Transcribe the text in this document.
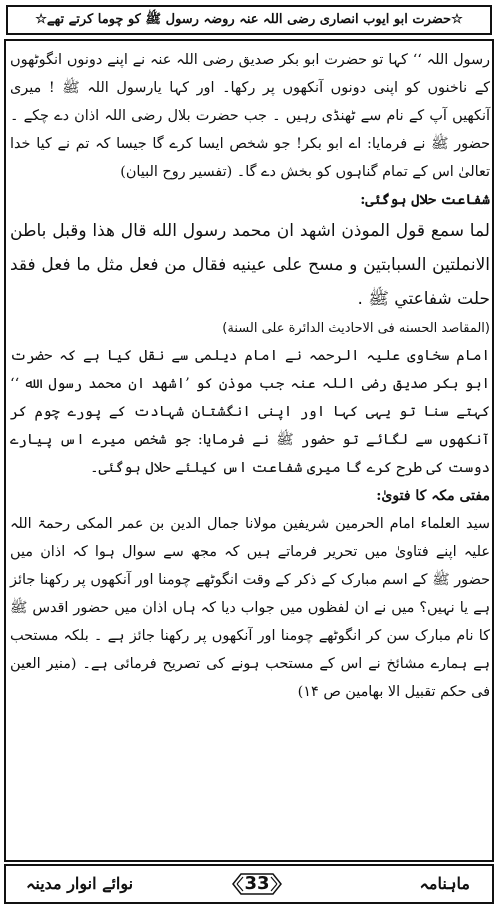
☆حضرت ابو ایوب انصاری رضی اللہ عنہ روضہ رسول ﷺ کو چوما کرتے تھے☆

رسول اللہ ‘‘ کہا تو حضرت ابو بکر صدیق رضی اللہ عنہ نے اپنے دونوں انگوٹھوں کے ناخنوں کو اپنی دونوں آنکھوں پر رکھا۔ اور کہا یارسول اللہ ﷺ ! میری آنکھیں آپ کے نام سے ٹھنڈی رہیں ۔ جب حضرت بلال رضی اللہ اذان دے چکے ۔ حضور ﷺ نے فرمایا: اے ابو بکر! جو شخص ایسا کرے گا جیسا کہ تم نے کیا خدا تعالیٰ اس کے تمام گناہوں کو بخش دے گا۔ (تفسیر روح البیان)

شفاعت حلال ہوگئی:

لما سمع قول الموذن اشهد ان محمد رسول الله قال هذا وقبل باطن الانملتين السبابتين و مسح على عينيه فقال من فعل مثل ما فعل فقد حلت شفاعتي ﷺ .

(المقاصد الحسنه فی الاحادیث الدائرة علی السنة)

امام سخاوی علیہ الرحمہ نے امام دیلمی سے نقل کیا ہے کہ حضرت ابو بکر صدیق رضی اللہ عنہ جب موذن کو ’اشهد ان محمد رسول الله ‘‘ کہتے سنا تو یہی کہا اور اپنی انگشتان شہادت کے پورے چوم کر آنکھوں سے لگائے تو حضور ﷺ نے فرمایا: جو شخص میرے اس پیارے دوست کی طرح کرے گا میری شفاعت اس کیلئے حلال ہوگئی۔

مفتی مکہ کا فتویٰ:

سید العلماء امام الحرمین شریفین مولانا جمال الدین بن عمر المکی رحمۃ اللہ علیہ اپنے فتاویٰ میں تحریر فرماتے ہیں کہ مجھ سے سوال ہوا کہ اذان میں حضور ﷺ کے اسم مبارک کے ذکر کے وقت انگوٹھے چومنا اور آنکھوں پر رکھنا جائز ہے یا نہیں؟ میں نے ان لفظوں میں جواب دیا کہ ہاں اذان میں حضور اقدس ﷺ کا نام مبارک سن کر انگوٹھے چومنا اور آنکھوں پر رکھنا جائز ہے ۔ بلکہ مستحب ہے ہمارے مشائخ نے اس کے مستحب ہونے کی تصریح فرمائی ہے۔ (منير العين فی حکم تقبيل الا بهامين ص ۱۴)

نوائے انوار مدینہ	33	ماہنامہ
